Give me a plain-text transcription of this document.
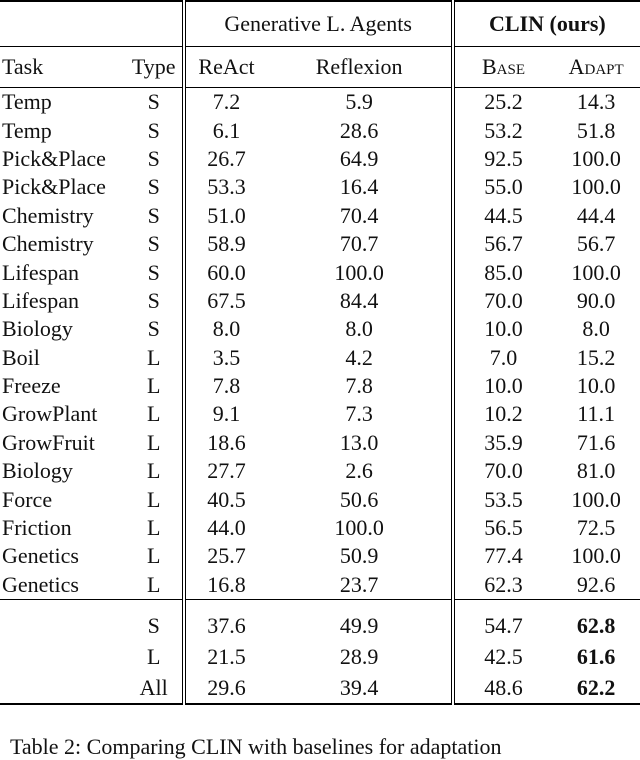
		Generative L. Agents		CLIN (ours)	
Task	Type	ReAct	Reflexion	Base	Adapt
Temp	S	7.2	5.9	25.2	14.3
Temp	S	6.1	28.6	53.2	51.8
Pick&Place	S	26.7	64.9	92.5	100.0
Pick&Place	S	53.3	16.4	55.0	100.0
Chemistry	S	51.0	70.4	44.5	44.4
Chemistry	S	58.9	70.7	56.7	56.7
Lifespan	S	60.0	100.0	85.0	100.0
Lifespan	S	67.5	84.4	70.0	90.0
Biology	S	8.0	8.0	10.0	8.0
Boil	L	3.5	4.2	7.0	15.2
Freeze	L	7.8	7.8	10.0	10.0
GrowPlant	L	9.1	7.3	10.2	11.1
GrowFruit	L	18.6	13.0	35.9	71.6
Biology	L	27.7	2.6	70.0	81.0
Force	L	40.5	50.6	53.5	100.0
Friction	L	44.0	100.0	56.5	72.5
Genetics	L	25.7	50.9	77.4	100.0
Genetics	L	16.8	23.7	62.3	92.6

	S	37.6	49.9	54.7	62.8
	L	21.5	28.9	42.5	61.6
	All	29.6	39.4	48.6	62.2
Table 2: Comparing CLIN with baselines for adaptation
